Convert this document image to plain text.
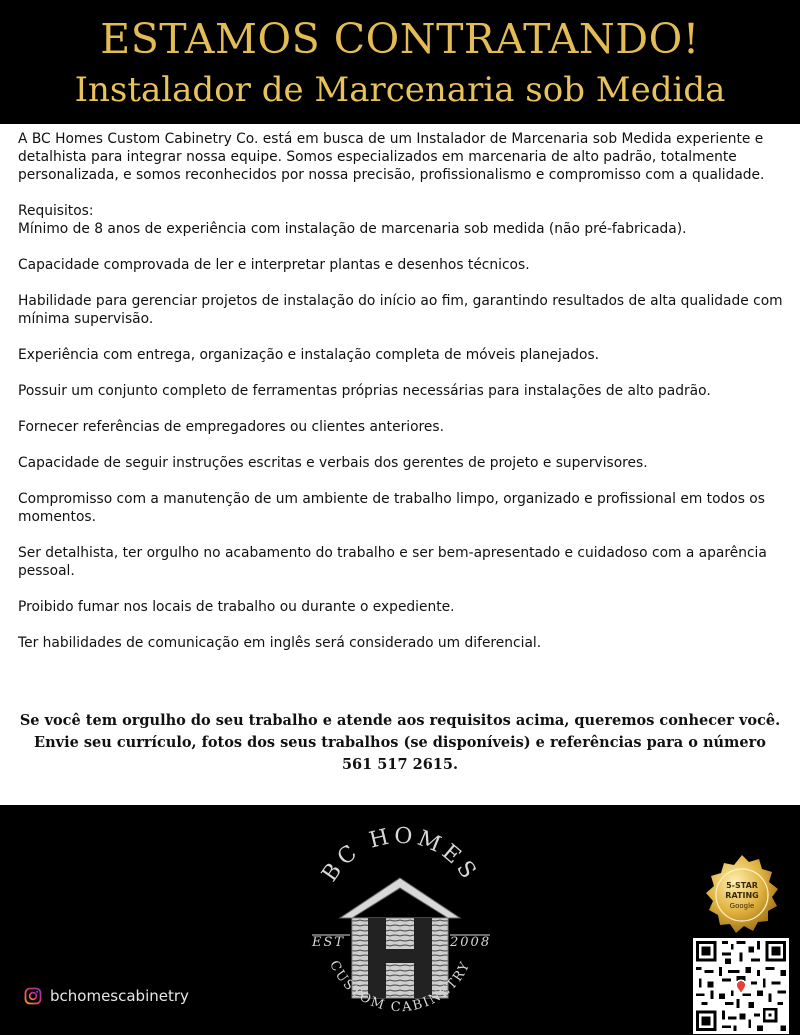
ESTAMOS CONTRATANDO!
Instalador de Marcenaria sob Medida

A BC Homes Custom Cabinetry Co. está em busca de um Instalador de Marcenaria sob Medida experiente e detalhista para integrar nossa equipe. Somos especializados em marcenaria de alto padrão, totalmente personalizada, e somos reconhecidos por nossa precisão, profissionalismo e compromisso com a qualidade.

Requisitos:

Mínimo de 8 anos de experiência com instalação de marcenaria sob medida (não pré-fabricada).

Capacidade comprovada de ler e interpretar plantas e desenhos técnicos.

Habilidade para gerenciar projetos de instalação do início ao fim, garantindo resultados de alta qualidade com mínima supervisão.

Experiência com entrega, organização e instalação completa de móveis planejados.

Possuir um conjunto completo de ferramentas próprias necessárias para instalações de alto padrão.

Fornecer referências de empregadores ou clientes anteriores.

Capacidade de seguir instruções escritas e verbais dos gerentes de projeto e supervisores.

Compromisso com a manutenção de um ambiente de trabalho limpo, organizado e profissional em todos os momentos.

Ser detalhista, ter orgulho no acabamento do trabalho e ser bem-apresentado e cuidadoso com a aparência pessoal.

Proibido fumar nos locais de trabalho ou durante o expediente.

Ter habilidades de comunicação em inglês será considerado um diferencial.

Se você tem orgulho do seu trabalho e atende aos requisitos acima, queremos conhecer você.
Envie seu currículo, fotos dos seus trabalhos (se disponíveis) e referências para o número
561 517 2615.
BC HOMES
EST	2008
CUSTOM CABINETRY
bchomescabinetry
5-STAR
RATING
Google
